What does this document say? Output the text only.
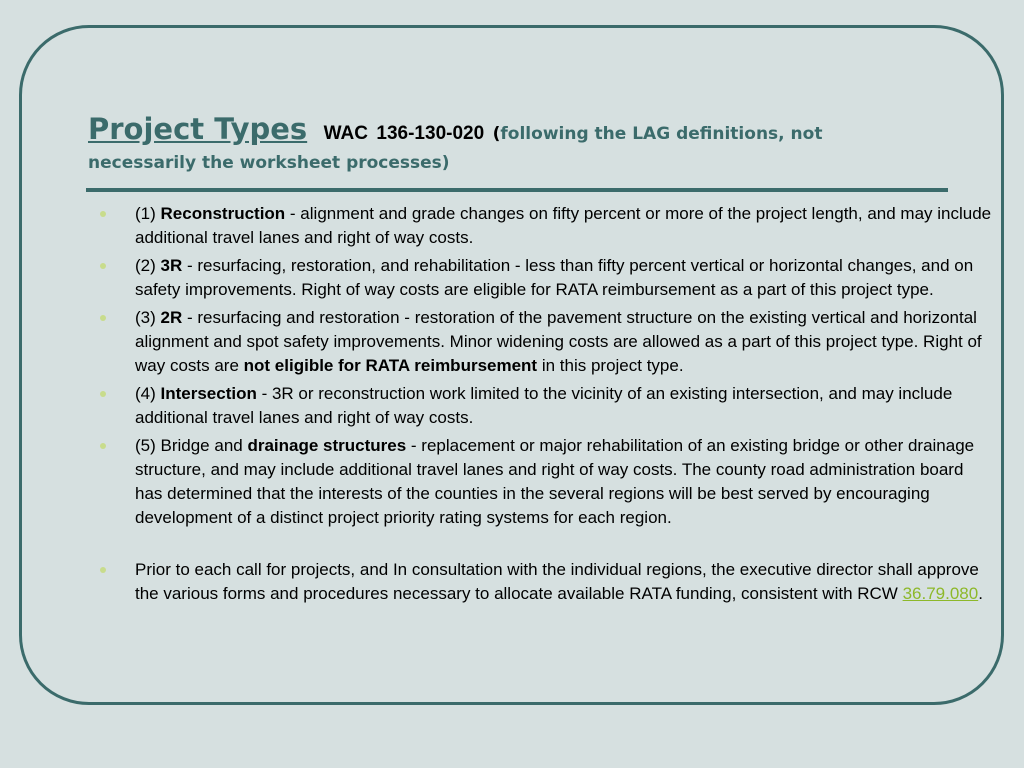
Project Types WAC 136-130-020 (following the LAG definitions, not
necessarily the worksheet processes)
(1) Reconstruction - alignment and grade changes on fifty percent or more of the project length, and may include additional travel lanes and right of way costs.
(2) 3R - resurfacing, restoration, and rehabilitation - less than fifty percent vertical or horizontal changes, and on safety improvements. Right of way costs are eligible for RATA reimbursement as a part of this project type.
(3) 2R - resurfacing and restoration - restoration of the pavement structure on the existing vertical and horizontal alignment and spot safety improvements. Minor widening costs are allowed as a part of this project type. Right of way costs are not eligible for RATA reimbursement in this project type.
(4) Intersection - 3R or reconstruction work limited to the vicinity of an existing intersection, and may include additional travel lanes and right of way costs.
(5) Bridge and drainage structures - replacement or major rehabilitation of an existing bridge or other drainage structure, and may include additional travel lanes and right of way costs. The county road administration board has determined that the interests of the counties in the several regions will be best served by encouraging development of a distinct project priority rating systems for each region.
Prior to each call for projects, and In consultation with the individual regions, the executive director shall approve the various forms and procedures necessary to allocate available RATA funding, consistent with RCW 36.79.080.
